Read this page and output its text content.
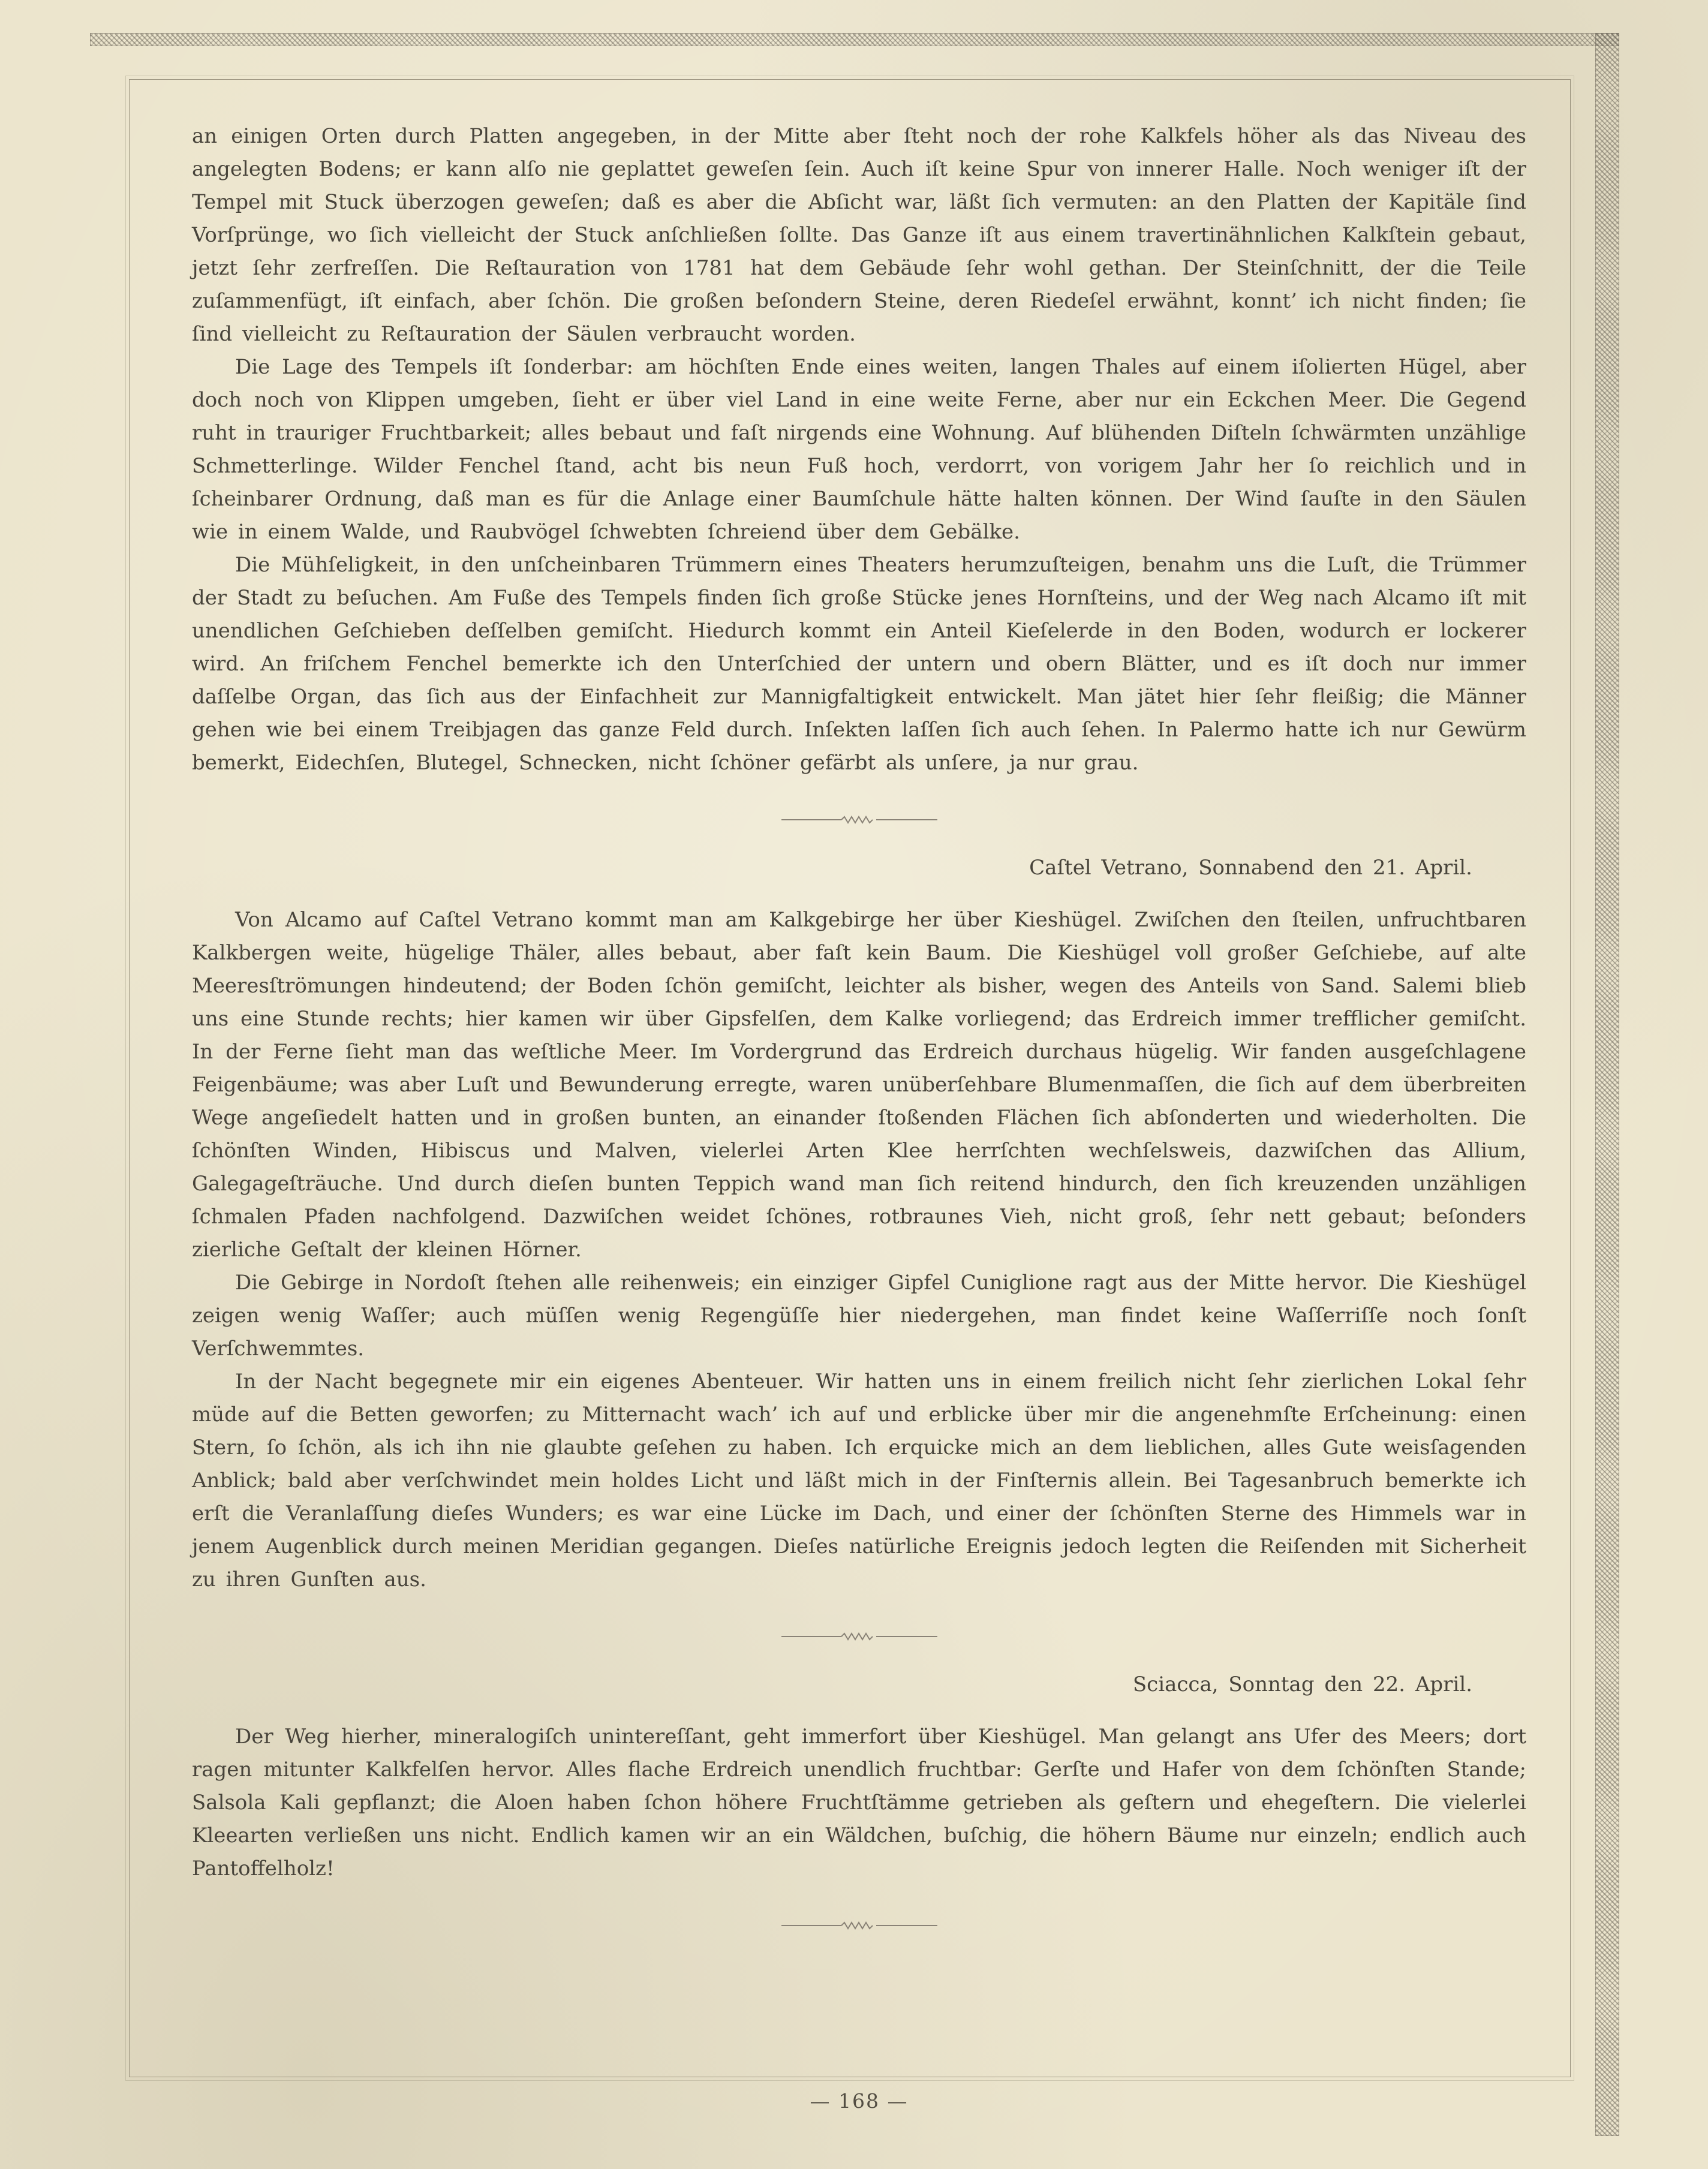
an einigen Orten durch Platten angegeben, in der Mitte aber ſteht noch der rohe Kalkfels höher als das Niveau des angelegten Bodens; er kann alſo nie geplattet geweſen ſein. Auch iſt keine Spur von innerer Halle. Noch weniger iſt der Tempel mit Stuck überzogen geweſen; daß es aber die Abſicht war, läßt ſich vermuten: an den Platten der Kapitäle ſind Vorſprünge, wo ſich vielleicht der Stuck anſchließen ſollte. Das Ganze iſt aus einem travertinähnlichen Kalkſtein gebaut, jetzt ſehr zerfreſſen. Die Reſtauration von 1781 hat dem Gebäude ſehr wohl gethan. Der Steinſchnitt, der die Teile zuſammenfügt, iſt einfach, aber ſchön. Die großen beſondern Steine, deren Riedeſel erwähnt, konnt’ ich nicht finden; ſie ſind vielleicht zu Reſtauration der Säulen verbraucht worden.

Die Lage des Tempels iſt ſonderbar: am höchſten Ende eines weiten, langen Thales auf einem iſolierten Hügel, aber doch noch von Klippen umgeben, ſieht er über viel Land in eine weite Ferne, aber nur ein Eckchen Meer. Die Gegend ruht in trauriger Fruchtbarkeit; alles bebaut und faſt nirgends eine Wohnung. Auf blühenden Diſteln ſchwärmten unzählige Schmetterlinge. Wilder Fenchel ſtand, acht bis neun Fuß hoch, verdorrt, von vorigem Jahr her ſo reichlich und in ſcheinbarer Ordnung, daß man es für die Anlage einer Baumſchule hätte halten können. Der Wind ſauſte in den Säulen wie in einem Walde, und Raubvögel ſchwebten ſchreiend über dem Gebälke.

Die Mühſeligkeit, in den unſcheinbaren Trümmern eines Theaters herumzuſteigen, benahm uns die Luſt, die Trümmer der Stadt zu beſuchen. Am Fuße des Tempels finden ſich große Stücke jenes Hornſteins, und der Weg nach Alcamo iſt mit unendlichen Geſchieben deſſelben gemiſcht. Hiedurch kommt ein Anteil Kieſelerde in den Boden, wodurch er lockerer wird. An friſchem Fenchel bemerkte ich den Unterſchied der untern und obern Blätter, und es iſt doch nur immer daſſelbe Organ, das ſich aus der Einfachheit zur Mannigfaltigkeit entwickelt. Man jätet hier ſehr fleißig; die Männer gehen wie bei einem Treibjagen das ganze Feld durch. Inſekten laſſen ſich auch ſehen. In Palermo hatte ich nur Gewürm bemerkt, Eidechſen, Blutegel, Schnecken, nicht ſchöner gefärbt als unſere, ja nur grau.

Caſtel Vetrano, Sonnabend den 21. April.

Von Alcamo auf Caſtel Vetrano kommt man am Kalkgebirge her über Kieshügel. Zwiſchen den ſteilen, unfruchtbaren Kalkbergen weite, hügelige Thäler, alles bebaut, aber faſt kein Baum. Die Kieshügel voll großer Geſchiebe, auf alte Meeresſtrömungen hindeutend; der Boden ſchön gemiſcht, leichter als bisher, wegen des Anteils von Sand. Salemi blieb uns eine Stunde rechts; hier kamen wir über Gipsfelſen, dem Kalke vorliegend; das Erdreich immer trefflicher gemiſcht. In der Ferne ſieht man das weſtliche Meer. Im Vordergrund das Erdreich durchaus hügelig. Wir fanden ausgeſchlagene Feigenbäume; was aber Luſt und Bewunderung erregte, waren unüberſehbare Blumenmaſſen, die ſich auf dem überbreiten Wege angeſiedelt hatten und in großen bunten, an einander ſtoßenden Flächen ſich abſonderten und wiederholten. Die ſchönſten Winden, Hibiscus und Malven, vielerlei Arten Klee herrſchten wechſelsweis, dazwiſchen das Allium, Galegageſträuche. Und durch dieſen bunten Teppich wand man ſich reitend hindurch, den ſich kreuzenden unzähligen ſchmalen Pfaden nachfolgend. Dazwiſchen weidet ſchönes, rotbraunes Vieh, nicht groß, ſehr nett gebaut; beſonders zierliche Geſtalt der kleinen Hörner.

Die Gebirge in Nordoſt ſtehen alle reihenweis; ein einziger Gipfel Cuniglione ragt aus der Mitte hervor. Die Kieshügel zeigen wenig Waſſer; auch müſſen wenig Regengüſſe hier niedergehen, man findet keine Waſſerriſſe noch ſonſt Verſchwemmtes.

In der Nacht begegnete mir ein eigenes Abenteuer. Wir hatten uns in einem freilich nicht ſehr zierlichen Lokal ſehr müde auf die Betten geworfen; zu Mitternacht wach’ ich auf und erblicke über mir die angenehmſte Erſcheinung: einen Stern, ſo ſchön, als ich ihn nie glaubte geſehen zu haben. Ich erquicke mich an dem lieblichen, alles Gute weisſagenden Anblick; bald aber verſchwindet mein holdes Licht und läßt mich in der Finſternis allein. Bei Tagesanbruch bemerkte ich erſt die Veranlaſſung dieſes Wunders; es war eine Lücke im Dach, und einer der ſchönſten Sterne des Himmels war in jenem Augenblick durch meinen Meridian gegangen. Dieſes natürliche Ereignis jedoch legten die Reiſenden mit Sicherheit zu ihren Gunſten aus.

Sciacca, Sonntag den 22. April.

Der Weg hierher, mineralogiſch unintereſſant, geht immerfort über Kieshügel. Man gelangt ans Ufer des Meers; dort ragen mitunter Kalkfelſen hervor. Alles flache Erdreich unendlich fruchtbar: Gerſte und Hafer von dem ſchönſten Stande; Salsola Kali gepflanzt; die Aloen haben ſchon höhere Fruchtſtämme getrieben als geſtern und ehegeſtern. Die vielerlei Kleearten verließen uns nicht. Endlich kamen wir an ein Wäldchen, buſchig, die höhern Bäume nur einzeln; endlich auch Pantoffelholz!

— 168 —
